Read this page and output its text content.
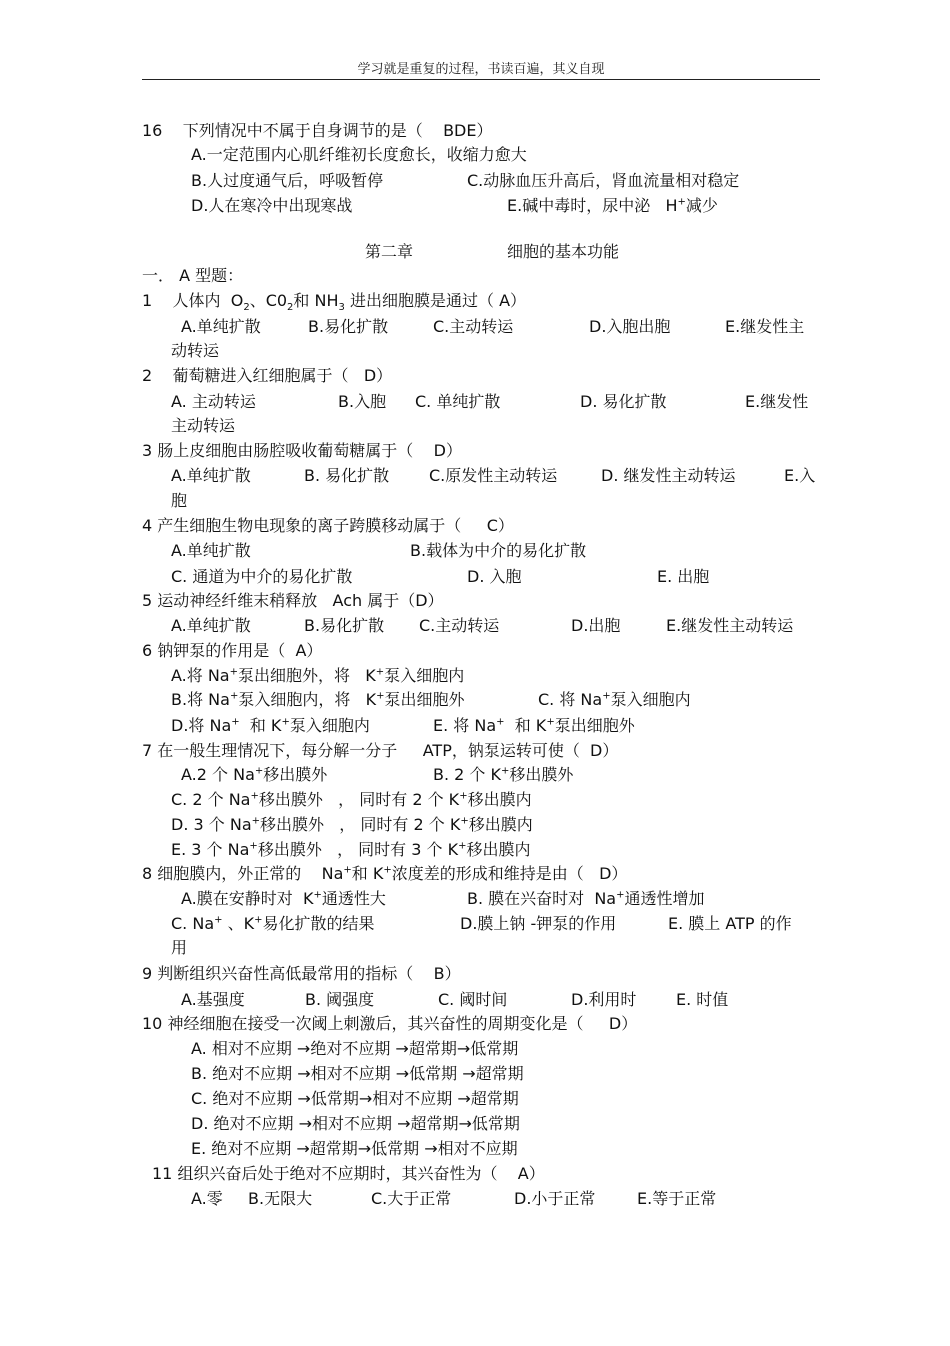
学习就是重复的过程，书读百遍，其义自现
16 下列情况中不属于自身调节的是（ BDE）
A.一定范围内心肌纤维初长度愈长，收缩力愈大
B.人过度通气后，呼吸暂停	C.动脉血压升高后，肾血流量相对稳定
D.人在寒冷中出现寒战	E.碱中毒时，尿中泌 H+减少
第二章	细胞的基本功能
一． A 型题：
1 人体内 $O_2$、$C0_2$和 $NH_3$ 进出细胞膜是通过（ A）
A.单纯扩散	B.易化扩散	C.主动转运	D.入胞出胞	E.继发性主
动转运
2 葡萄糖进入红细胞属于（ D）
A. 主动转运	B.入胞 C. 单纯扩散	D. 易化扩散	E.继发性
主动转运
3 肠上皮细胞由肠腔吸收葡萄糖属于（ D）
A.单纯扩散	B. 易化扩散 C.原发性主动转运	D. 继发性主动转运	E.入
胞
4 产生细胞生物电现象的离子跨膜移动属于（ C）
A.单纯扩散	B.载体为中介的易化扩散
C. 通道为中介的易化扩散	D. 入胞	E. 出胞
5 运动神经纤维末稍释放 Ach 属于（D）
A.单纯扩散	B.易化扩散 C.主动转运	D.出胞	E.继发性主动转运
6 钠钾泵的作用是（ A）
A.将 Na+泵出细胞外，将 K+泵入细胞内
B.将 Na+泵入细胞内，将 K+泵出细胞外	C. 将 Na+泵入细胞内
D.将 Na+ 和 K+泵入细胞内	E. 将 Na+ 和 K+泵出细胞外
7 在一般生理情况下，每分解一分子 ATP，钠泵运转可使（ D）
A.2 个 Na+移出膜外	B. 2 个 K+移出膜外
C. 2 个 Na+移出膜外 ， 同时有 2 个 K+移出膜内
D. 3 个 Na+移出膜外 ， 同时有 2 个 K+移出膜内
E. 3 个 Na+移出膜外 ， 同时有 3 个 K+移出膜内
8 细胞膜内，外正常的 Na+和 K+浓度差的形成和维持是由（ D）
A.膜在安静时对 K+通透性大	B. 膜在兴奋时对 Na+通透性增加
C. Na+ 、K+易化扩散的结果	D.膜上钠 -钾泵的作用	E. 膜上 ATP 的作
用
9 判断组织兴奋性高低最常用的指标（ B）
A.基强度	B. 阈强度	C. 阈时间	D.利用时 E. 时值
10 神经细胞在接受一次阈上刺激后，其兴奋性的周期变化是（ D）
A. 相对不应期 →绝对不应期 →超常期→低常期
B. 绝对不应期 →相对不应期 →低常期 →超常期
C. 绝对不应期 →低常期→相对不应期 →超常期
D. 绝对不应期 →相对不应期 →超常期→低常期
E. 绝对不应期 →超常期→低常期 →相对不应期
11 组织兴奋后处于绝对不应期时，其兴奋性为（ A）
A.零 B.无限大	C.大于正常	D.小于正常	E.等于正常
